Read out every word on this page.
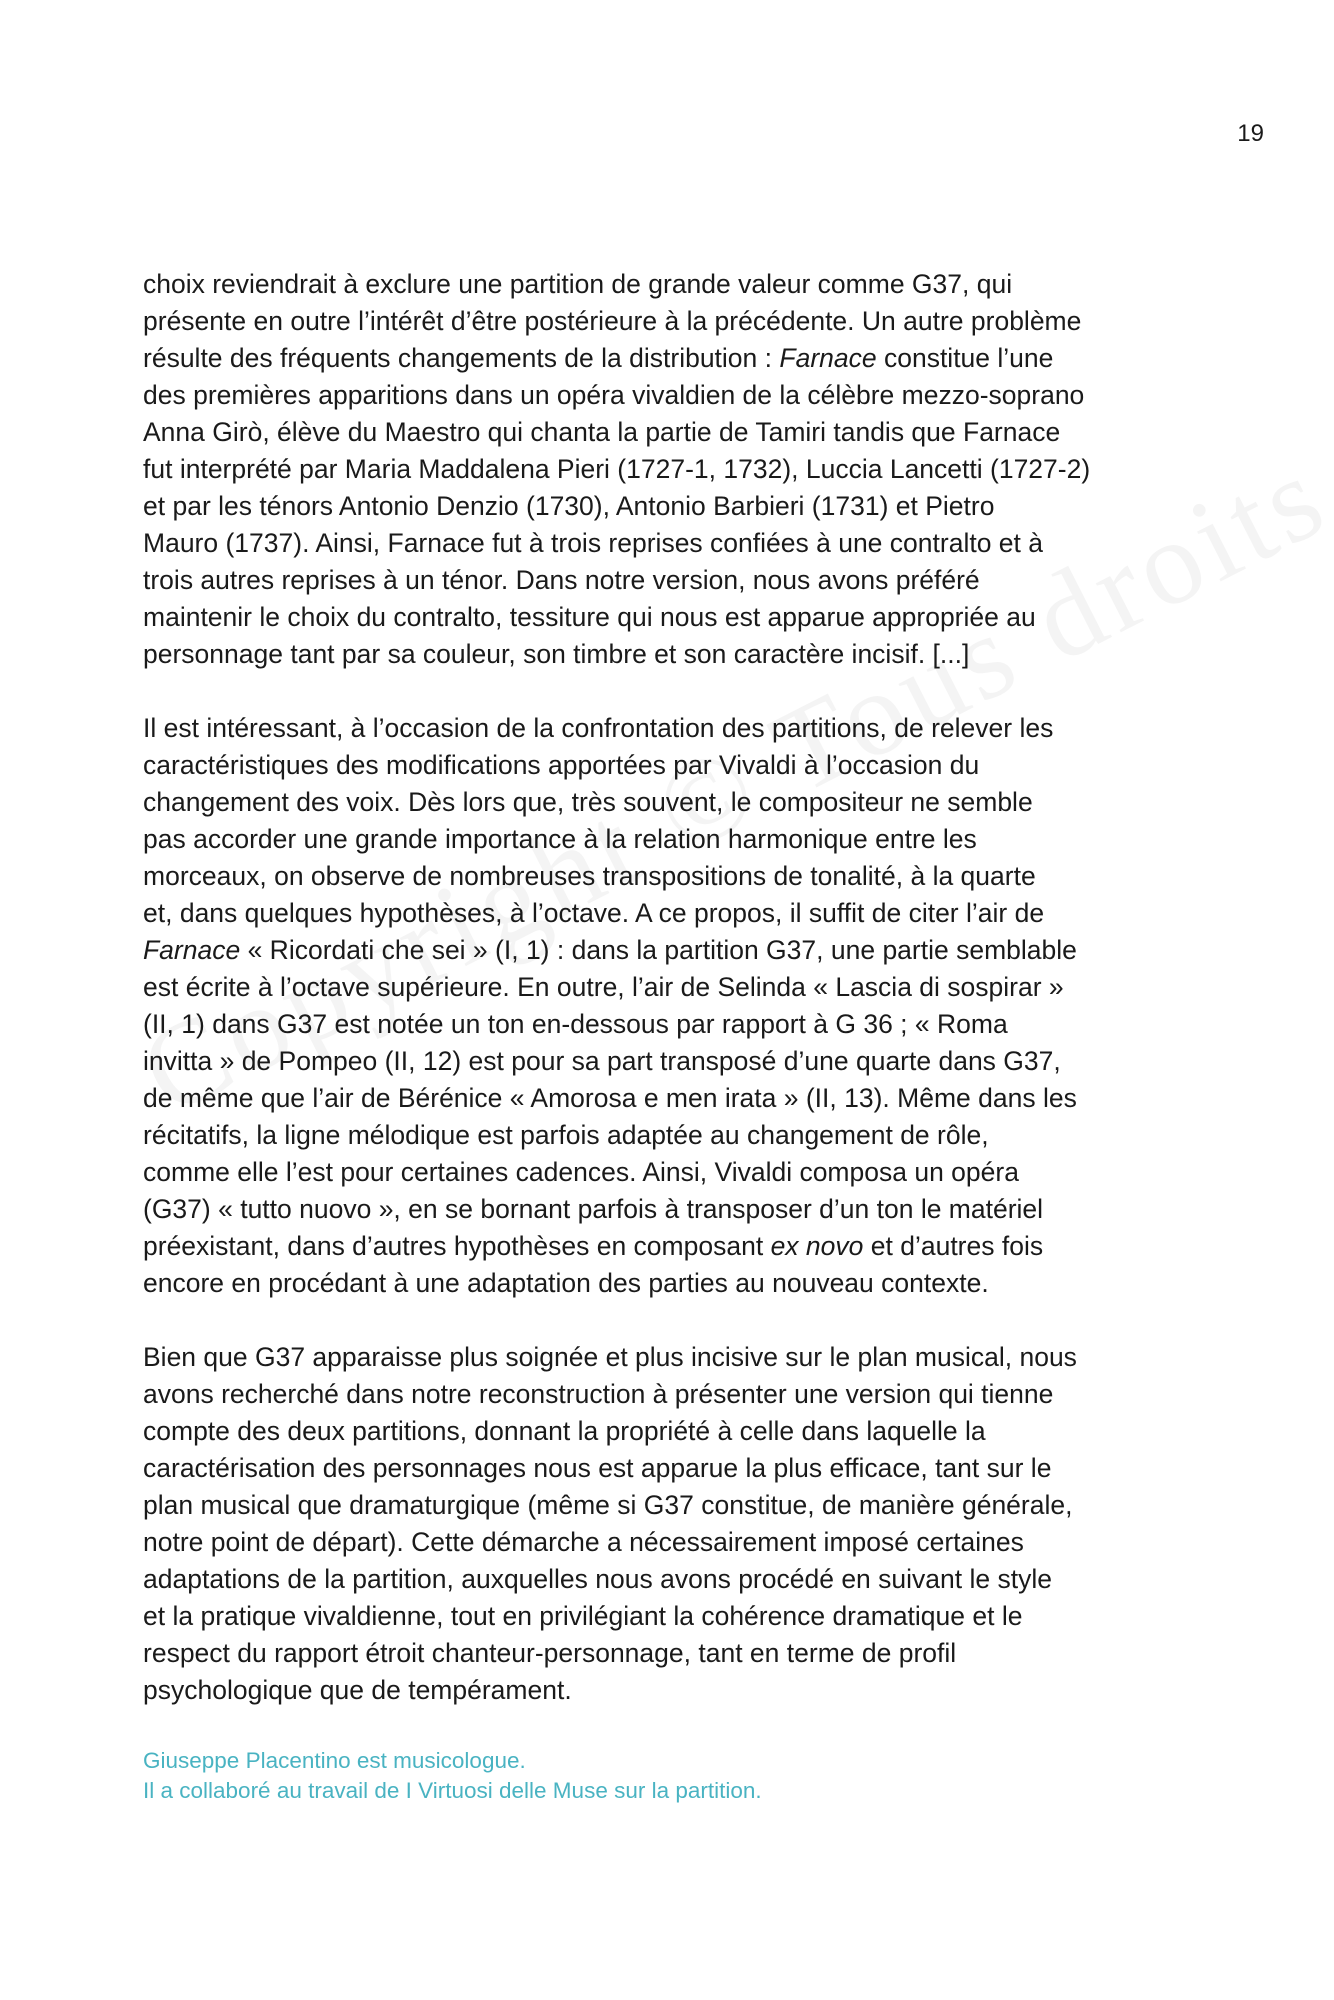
19

choix reviendrait à exclure une partition de grande valeur comme G37, qui
présente en outre l’intérêt d’être postérieure à la précédente. Un autre problème
résulte des fréquents changements de la distribution : Farnace constitue l’une
des premières apparitions dans un opéra vivaldien de la célèbre mezzo-soprano
Anna Girò, élève du Maestro qui chanta la partie de Tamiri tandis que Farnace
fut interprété par Maria Maddalena Pieri (1727-1, 1732), Luccia Lancetti (1727-2)
et par les ténors Antonio Denzio (1730), Antonio Barbieri (1731) et Pietro
Mauro (1737). Ainsi, Farnace fut à trois reprises confiées à une contralto et à
trois autres reprises à un ténor. Dans notre version, nous avons préféré
maintenir le choix du contralto, tessiture qui nous est apparue appropriée au
personnage tant par sa couleur, son timbre et son caractère incisif. [...]

Il est intéressant, à l’occasion de la confrontation des partitions, de relever les
caractéristiques des modifications apportées par Vivaldi à l’occasion du
changement des voix. Dès lors que, très souvent, le compositeur ne semble
pas accorder une grande importance à la relation harmonique entre les
morceaux, on observe de nombreuses transpositions de tonalité, à la quarte
et, dans quelques hypothèses, à l’octave. A ce propos, il suffit de citer l’air de
Farnace « Ricordati che sei » (I, 1) : dans la partition G37, une partie semblable
est écrite à l’octave supérieure. En outre, l’air de Selinda « Lascia di sospirar »
(II, 1) dans G37 est notée un ton en-dessous par rapport à G 36 ; « Roma
invitta » de Pompeo (II, 12) est pour sa part transposé d’une quarte dans G37,
de même que l’air de Bérénice « Amorosa e men irata » (II, 13). Même dans les
récitatifs, la ligne mélodique est parfois adaptée au changement de rôle,
comme elle l’est pour certaines cadences. Ainsi, Vivaldi composa un opéra
(G37) « tutto nuovo », en se bornant parfois à transposer d’un ton le matériel
préexistant, dans d’autres hypothèses en composant ex novo et d’autres fois
encore en procédant à une adaptation des parties au nouveau contexte.

Bien que G37 apparaisse plus soignée et plus incisive sur le plan musical, nous
avons recherché dans notre reconstruction à présenter une version qui tienne
compte des deux partitions, donnant la propriété à celle dans laquelle la
caractérisation des personnages nous est apparue la plus efficace, tant sur le
plan musical que dramaturgique (même si G37 constitue, de manière générale,
notre point de départ). Cette démarche a nécessairement imposé certaines
adaptations de la partition, auxquelles nous avons procédé en suivant le style
et la pratique vivaldienne, tout en privilégiant la cohérence dramatique et le
respect du rapport étroit chanteur-personnage, tant en terme de profil
psychologique que de tempérament.

Giuseppe Placentino est musicologue.
Il a collaboré au travail de I Virtuosi delle Muse sur la partition.
